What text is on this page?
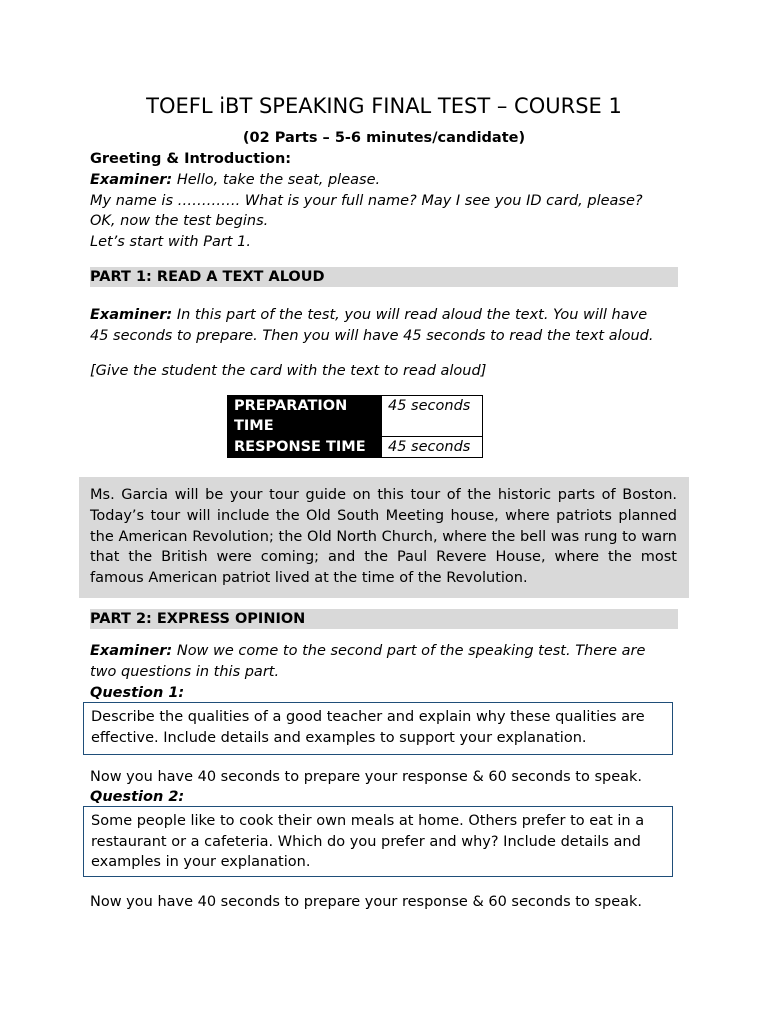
TOEFL iBT SPEAKING FINAL TEST – COURSE 1
(02 Parts – 5-6 minutes/candidate)
Greeting & Introduction:
Examiner: Hello, take the seat, please.
My name is …………. What is your full name? May I see you ID card, please?
OK, now the test begins.
Let’s start with Part 1.
PART 1: READ A TEXT ALOUD
Examiner: In this part of the test, you will read aloud the text. You will have
45 seconds to prepare. Then you will have 45 seconds to read the text aloud.
[Give the student the card with the text to read aloud]
PREPARATION
TIME	45 seconds
RESPONSE TIME	45 seconds
Ms. Garcia will be your tour guide on this tour of the historic parts of Boston. Today’s tour will include the Old South Meeting house, where patriots planned the American Revolution; the Old North Church, where the bell was rung to warn that the British were coming; and the Paul Revere House, where the most famous American patriot lived at the time of the Revolution.
PART 2: EXPRESS OPINION
Examiner: Now we come to the second part of the speaking test. There are
two questions in this part.
Question 1:
Describe the qualities of a good teacher and explain why these qualities are effective. Include details and examples to support your explanation.
Now you have 40 seconds to prepare your response & 60 seconds to speak.
Question 2:
Some people like to cook their own meals at home. Others prefer to eat in a restaurant or a cafeteria. Which do you prefer and why? Include details and examples in your explanation.
Now you have 40 seconds to prepare your response & 60 seconds to speak.
